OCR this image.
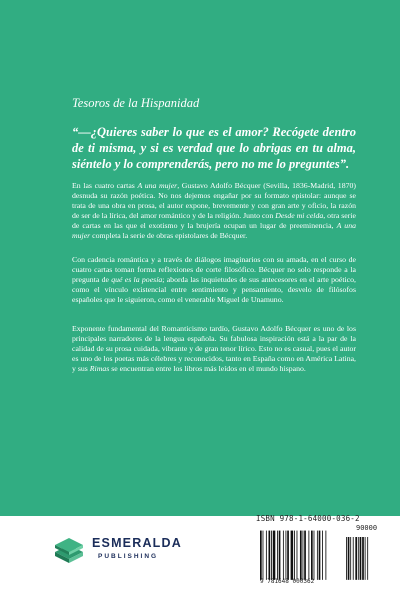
Tesoros de la Hispanidad
“—¿Quieres saber lo que es el amor? Recógete dentro de ti misma, y si es verdad que lo abrigas en tu alma, siéntelo y lo comprenderás, pero no me lo preguntes”.

En las cuatro cartas A una mujer, Gustavo Adolfo Bécquer (Sevilla, 1836-Madrid, 1870) desnuda su razón poética. No nos dejemos engañar por su formato epistolar: aunque se trata de una obra en prosa, el autor expone, brevemente y con gran arte y oficio, la razón de ser de la lírica, del amor romántico y de la religión. Junto con Desde mi celda, otra serie de cartas en las que el exotismo y la brujería ocupan un lugar de preeminencia, A una mujer completa la serie de obras epistolares de Bécquer.

Con cadencia romántica y a través de diálogos imaginarios con su amada, en el curso de cuatro cartas toman forma reflexiones de corte filosófico. Bécquer no solo responde a la pregunta de qué es la poesía; aborda las inquietudes de sus antecesores en el arte poético, como el vínculo existencial entre sentimiento y pensamiento, desvelo de filósofos españoles que le siguieron, como el venerable Miguel de Unamuno.

Exponente fundamental del Romanticismo tardío, Gustavo Adolfo Bécquer es uno de los principales narradores de la lengua española. Su fabulosa inspiración está a la par de la calidad de su prosa cuidada, vibrante y de gran tenor lírico. Esto no es casual, pues el autor es uno de los poetas más célebres y reconocidos, tanto en España como en América Latina, y sus Rimas se encuentran entre los libros más leídos en el mundo hispano.

ESMERALDA
PUBLISHING
ISBN 978-1-64000-036-2
90000
9 781648 000362
